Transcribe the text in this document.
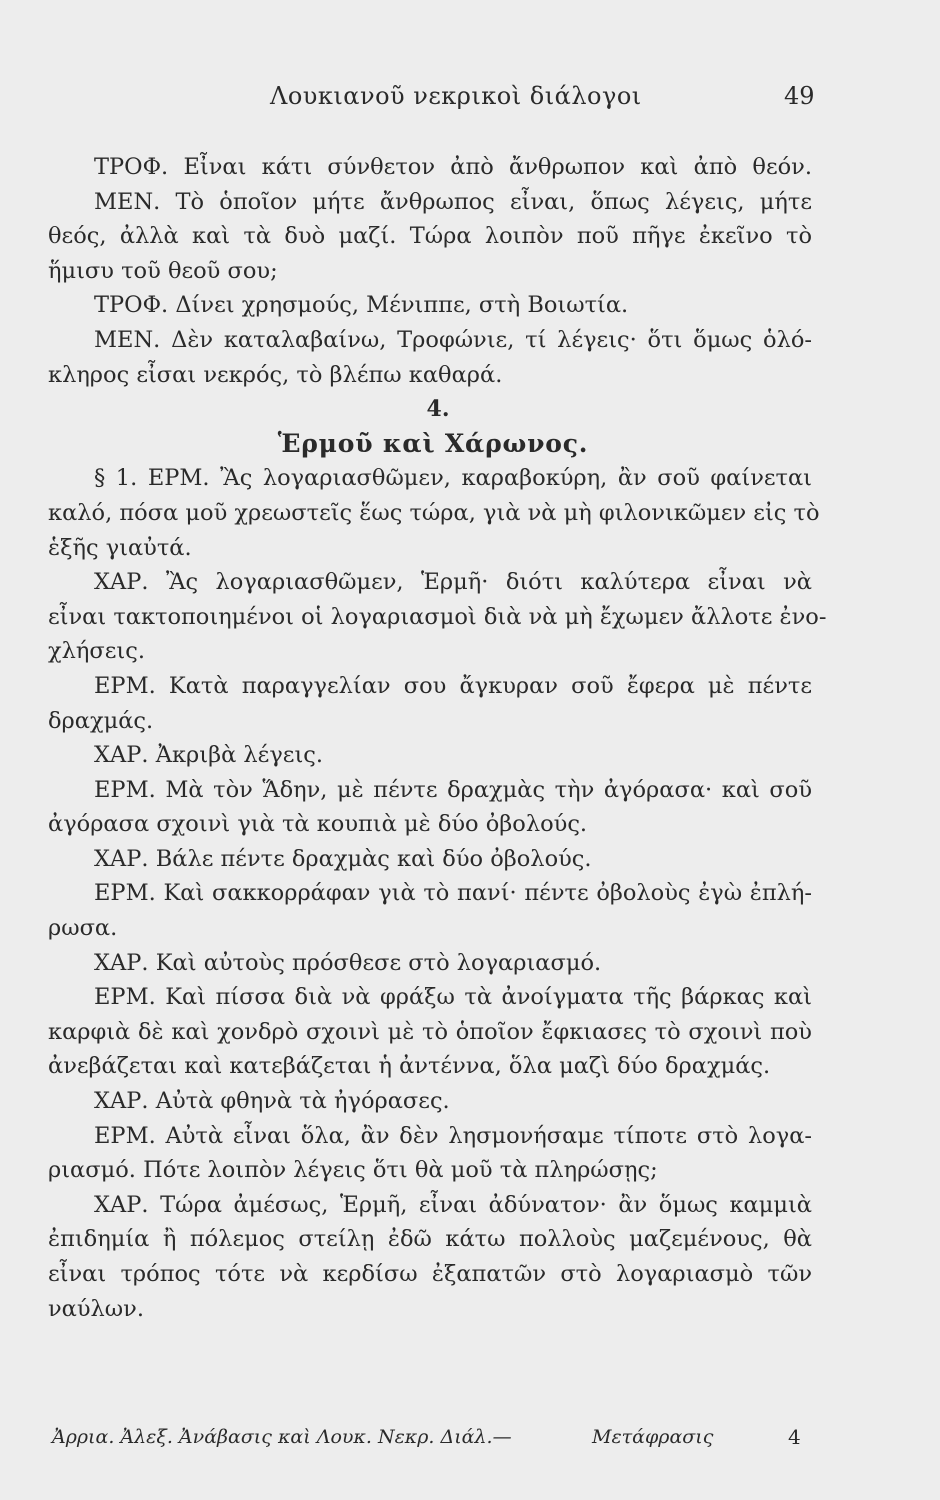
Λουκιανοῦ νεκρικοὶ διάλογοι	49
ΤΡΟΦ. Εἶναι κάτι σύνθετον ἀπὸ ἄνθρωπον καὶ ἀπὸ θεόν.
ΜΕΝ. Τὸ ὁποῖον μήτε ἄνθρωπος εἶναι, ὅπως λέγεις, μήτε
θεός, ἀλλὰ καὶ τὰ δυὸ μαζί. Τώρα λοιπὸν ποῦ πῆγε ἐκεῖνο τὸ
ἥμισυ τοῦ θεοῦ σου;
ΤΡΟΦ. Δίνει χρησμούς, Μένιππε, στὴ Βοιωτία.
ΜΕΝ. Δὲν καταλαβαίνω, Τροφώνιε, τί λέγεις· ὅτι ὅμως ὁλό-
κληρος εἶσαι νεκρός, τὸ βλέπω καθαρά.
4.
Ἑρμοῦ καὶ Χάρωνος.
§ 1. ΕΡΜ. Ἂς λογαριασθῶμεν, καραβοκύρη, ἂν σοῦ φαίνεται
καλό, πόσα μοῦ χρεωστεῖς ἕως τώρα, γιὰ νὰ μὴ φιλονικῶμεν εἰς τὸ
ἑξῆς γιαὐτά.
ΧΑΡ. Ἂς λογαριασθῶμεν, Ἑρμῆ· διότι καλύτερα εἶναι νὰ
εἶναι τακτοποιημένοι οἱ λογαριασμοὶ διὰ νὰ μὴ ἔχωμεν ἄλλοτε ἐνο-
χλήσεις.
ΕΡΜ. Κατὰ παραγγελίαν σου ἄγκυραν σοῦ ἔφερα μὲ πέντε
δραχμάς.
ΧΑΡ. Ἀκριβὰ λέγεις.
ΕΡΜ. Μὰ τὸν Ἅδην, μὲ πέντε δραχμὰς τὴν ἀγόρασα· καὶ σοῦ
ἀγόρασα σχοινὶ γιὰ τὰ κουπιὰ μὲ δύο ὀβολούς.
ΧΑΡ. Βάλε πέντε δραχμὰς καὶ δύο ὀβολούς.
ΕΡΜ. Καὶ σακκορράφαν γιὰ τὸ πανί· πέντε ὀβολοὺς ἐγὼ ἐπλή-
ρωσα.
ΧΑΡ. Καὶ αὐτοὺς πρόσθεσε στὸ λογαριασμό.
ΕΡΜ. Καὶ πίσσα διὰ νὰ φράξω τὰ ἀνοίγματα τῆς βάρκας καὶ
καρφιὰ δὲ καὶ χονδρὸ σχοινὶ μὲ τὸ ὁποῖον ἔφκιασες τὸ σχοινὶ ποὺ
ἀνεβάζεται καὶ κατεβάζεται ἡ ἀντέννα, ὅλα μαζὶ δύο δραχμάς.
ΧΑΡ. Αὐτὰ φθηνὰ τὰ ἠγόρασες.
ΕΡΜ. Αὐτὰ εἶναι ὅλα, ἂν δὲν λησμονήσαμε τίποτε στὸ λογα-
ριασμό. Πότε λοιπὸν λέγεις ὅτι θὰ μοῦ τὰ πληρώσῃς;
ΧΑΡ. Τώρα ἀμέσως, Ἑρμῆ, εἶναι ἀδύνατον· ἂν ὅμως καμμιὰ
ἐπιδημία ἢ πόλεμος στείλῃ ἐδῶ κάτω πολλοὺς μαζεμένους, θὰ
εἶναι τρόπος τότε νὰ κερδίσω ἐξαπατῶν στὸ λογαριασμὸ τῶν
ναύλων.
Ἀρρια. Ἀλεξ. Ἀνάβασις καὶ Λουκ. Νεκρ. Διάλ.—	Μετάφρασις	4
